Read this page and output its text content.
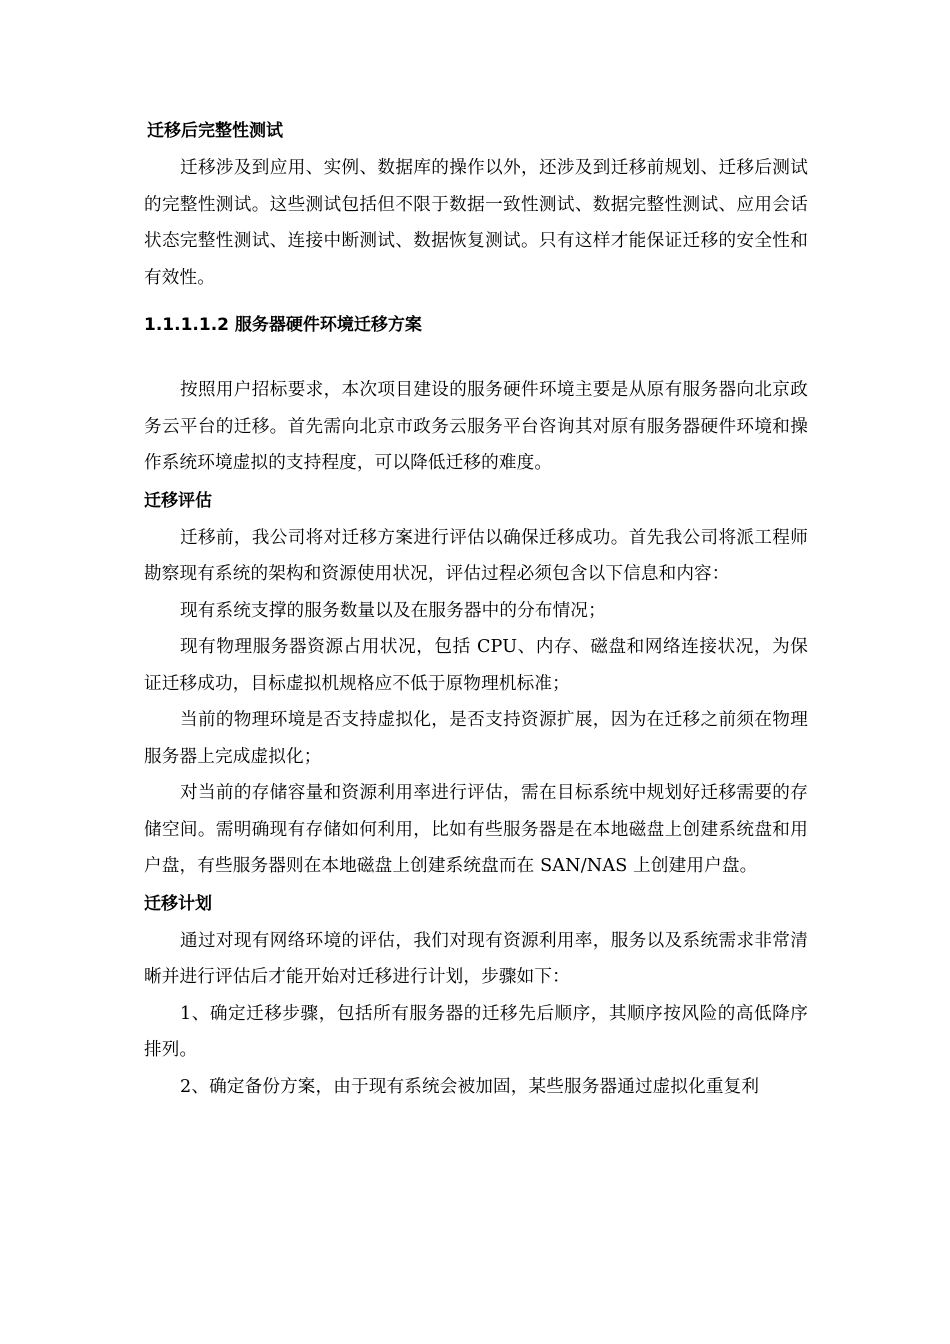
迁移后完整性测试

迁移涉及到应用、实例、数据库的操作以外，还涉及到迁移前规划、迁移后测试的完整性测试。这些测试包括但不限于数据一致性测试、数据完整性测试、应用会话状态完整性测试、连接中断测试、数据恢复测试。只有这样才能保证迁移的安全性和有效性。

1.1.1.1.2 服务器硬件环境迁移方案

按照用户招标要求，本次项目建设的服务硬件环境主要是从原有服务器向北京政务云平台的迁移。首先需向北京市政务云服务平台咨询其对原有服务器硬件环境和操作系统环境虚拟的支持程度，可以降低迁移的难度。

迁移评估

迁移前，我公司将对迁移方案进行评估以确保迁移成功。首先我公司将派工程师勘察现有系统的架构和资源使用状况，评估过程必须包含以下信息和内容：

现有系统支撑的服务数量以及在服务器中的分布情况；

现有物理服务器资源占用状况，包括 CPU、内存、磁盘和网络连接状况，为保证迁移成功，目标虚拟机规格应不低于原物理机标准；

当前的物理环境是否支持虚拟化，是否支持资源扩展，因为在迁移之前须在物理服务器上完成虚拟化；

对当前的存储容量和资源利用率进行评估，需在目标系统中规划好迁移需要的存储空间。需明确现有存储如何利用，比如有些服务器是在本地磁盘上创建系统盘和用户盘，有些服务器则在本地磁盘上创建系统盘而在 SAN/NAS 上创建用户盘。

迁移计划

通过对现有网络环境的评估，我们对现有资源利用率，服务以及系统需求非常清晰并进行评估后才能开始对迁移进行计划，步骤如下：

1、确定迁移步骤，包括所有服务器的迁移先后顺序，其顺序按风险的高低降序排列。

2、确定备份方案，由于现有系统会被加固，某些服务器通过虚拟化重复利
